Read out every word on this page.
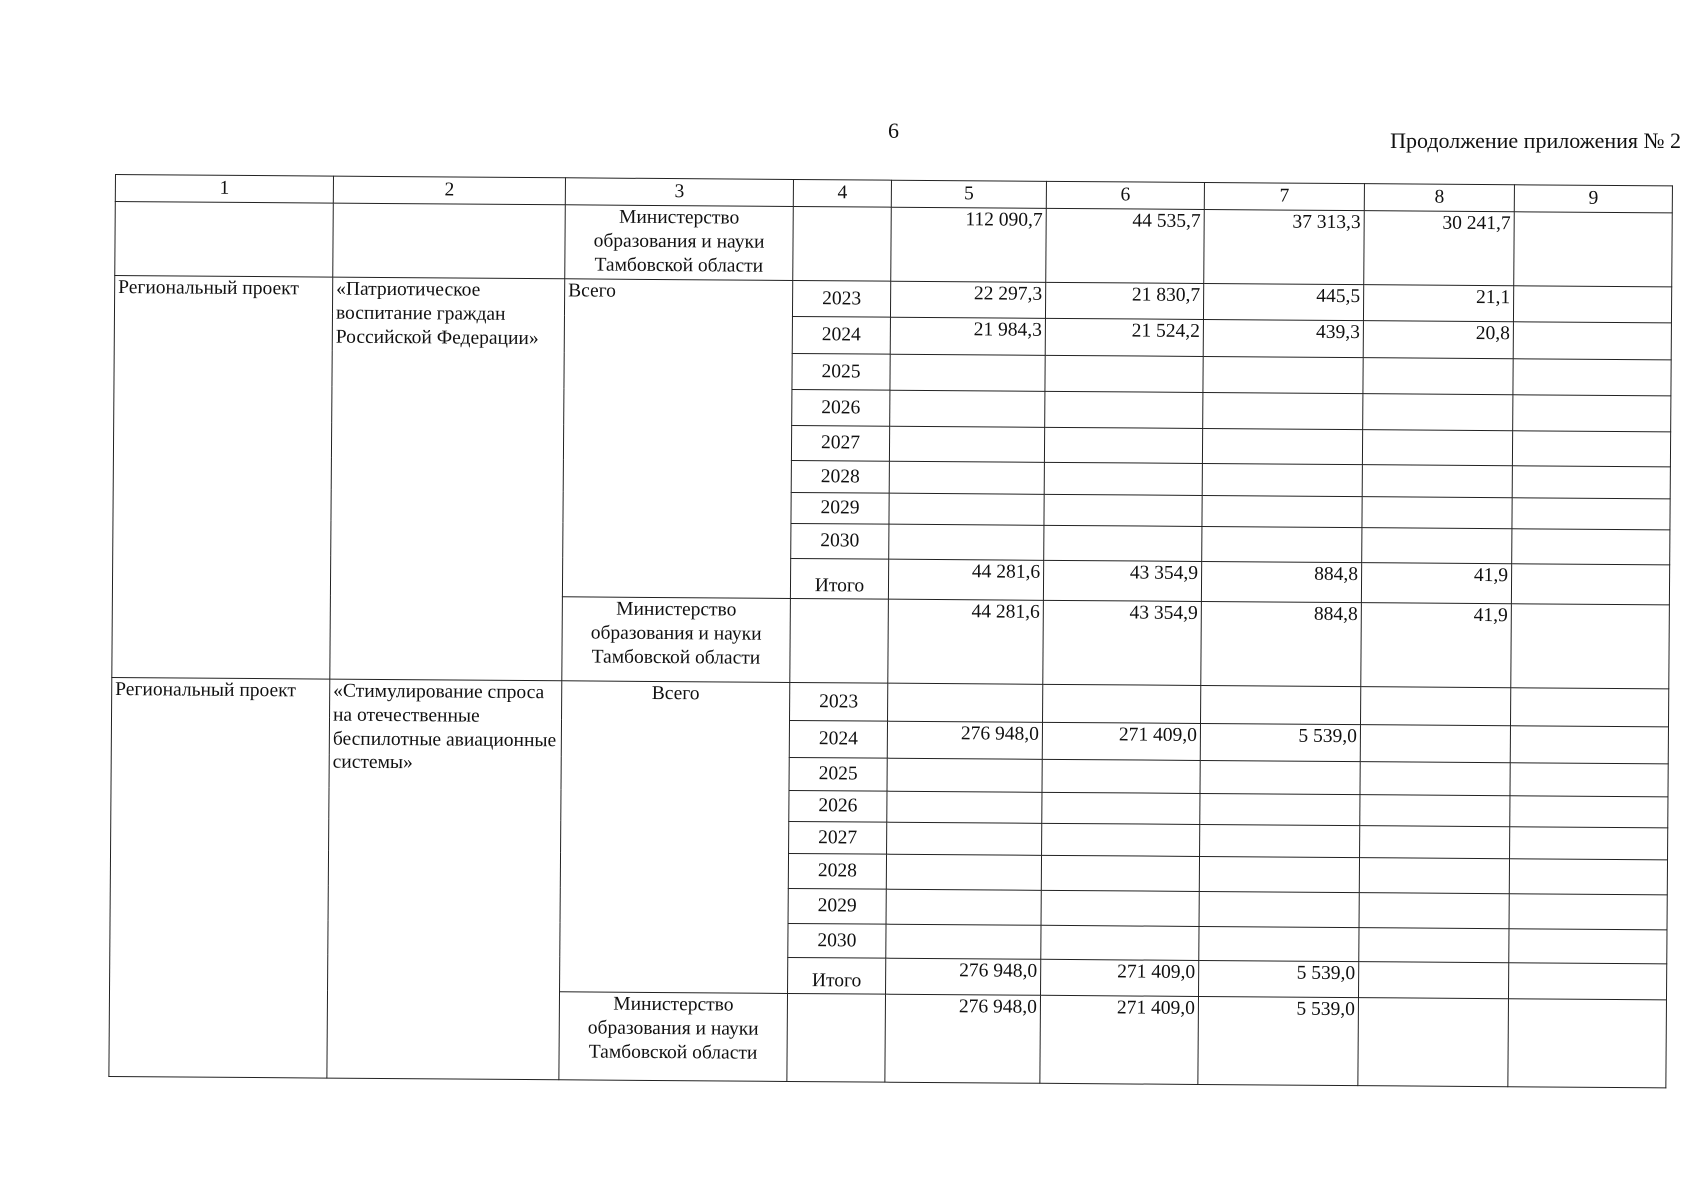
6	Продолжение приложения № 2
1	2	3	4	5	6	7	8	9
		Министерство образования и науки Тамбовской области		112 090,7	44 535,7	37 313,3	30 241,7	
Региональный проект	«Патриотическое воспитание граждан Российской Федерации»	Всего	2023	22 297,3	21 830,7	445,5	21,1	
			2024	21 984,3	21 524,2	439,3	20,8	
			2025					
			2026					
			2027					
			2028					
			2029					
			2030					
			Итого	44 281,6	43 354,9	884,8	41,9	
		Министерство образования и науки Тамбовской области		44 281,6	43 354,9	884,8	41,9	
Региональный проект	«Стимулирование спроса на отечественные беспилотные авиационные системы»	Всего	2023					
			2024	276 948,0	271 409,0	5 539,0		
			2025					
			2026					
			2027					
			2028					
			2029					
			2030					
			Итого	276 948,0	271 409,0	5 539,0		
		Министерство образования и науки Тамбовской области		276 948,0	271 409,0	5 539,0		
